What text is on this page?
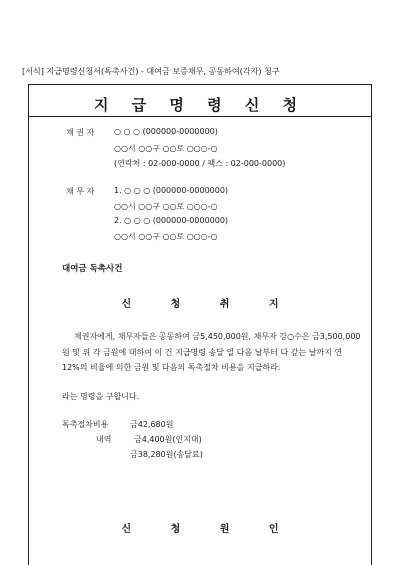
[서식] 지급명령신청서(독촉사건) - 대여금 보증채무, 공동하여(각자) 청구
지 급 명 령 신 청
채 권 자 ○ ○ ○ (000000-0000000)
○○시 ○○구 ○○로 ○○○-○
(연락처 : 02-000-0000 / 팩스 : 02-000-0000)
채 무 자 1. ○ ○ ○ (000000-0000000)
○○시 ○○구 ○○로 ○○○-○
2. ○ ○ ○ (000000-0000000)
○○시 ○○구 ○○로 ○○○-○
대여금 독촉사건
신 청 취 지
채권자에게, 채무자들은 공동하여 금5,450,000원, 채무자 강○수은 금3,500,000원 및 위 각 금원에 대하여 이 건 지급명령 송달 일 다음 날부터 다 갚는 날까지 연 12%의 비율에 의한 금원 및 다음의 독촉절차 비용을 지급하라.
라는 명령을 구합니다.
독촉절차비용	금42,680원
내역	금4,400원(인지대)
금38,280원(송달료)
신 청 원 인
